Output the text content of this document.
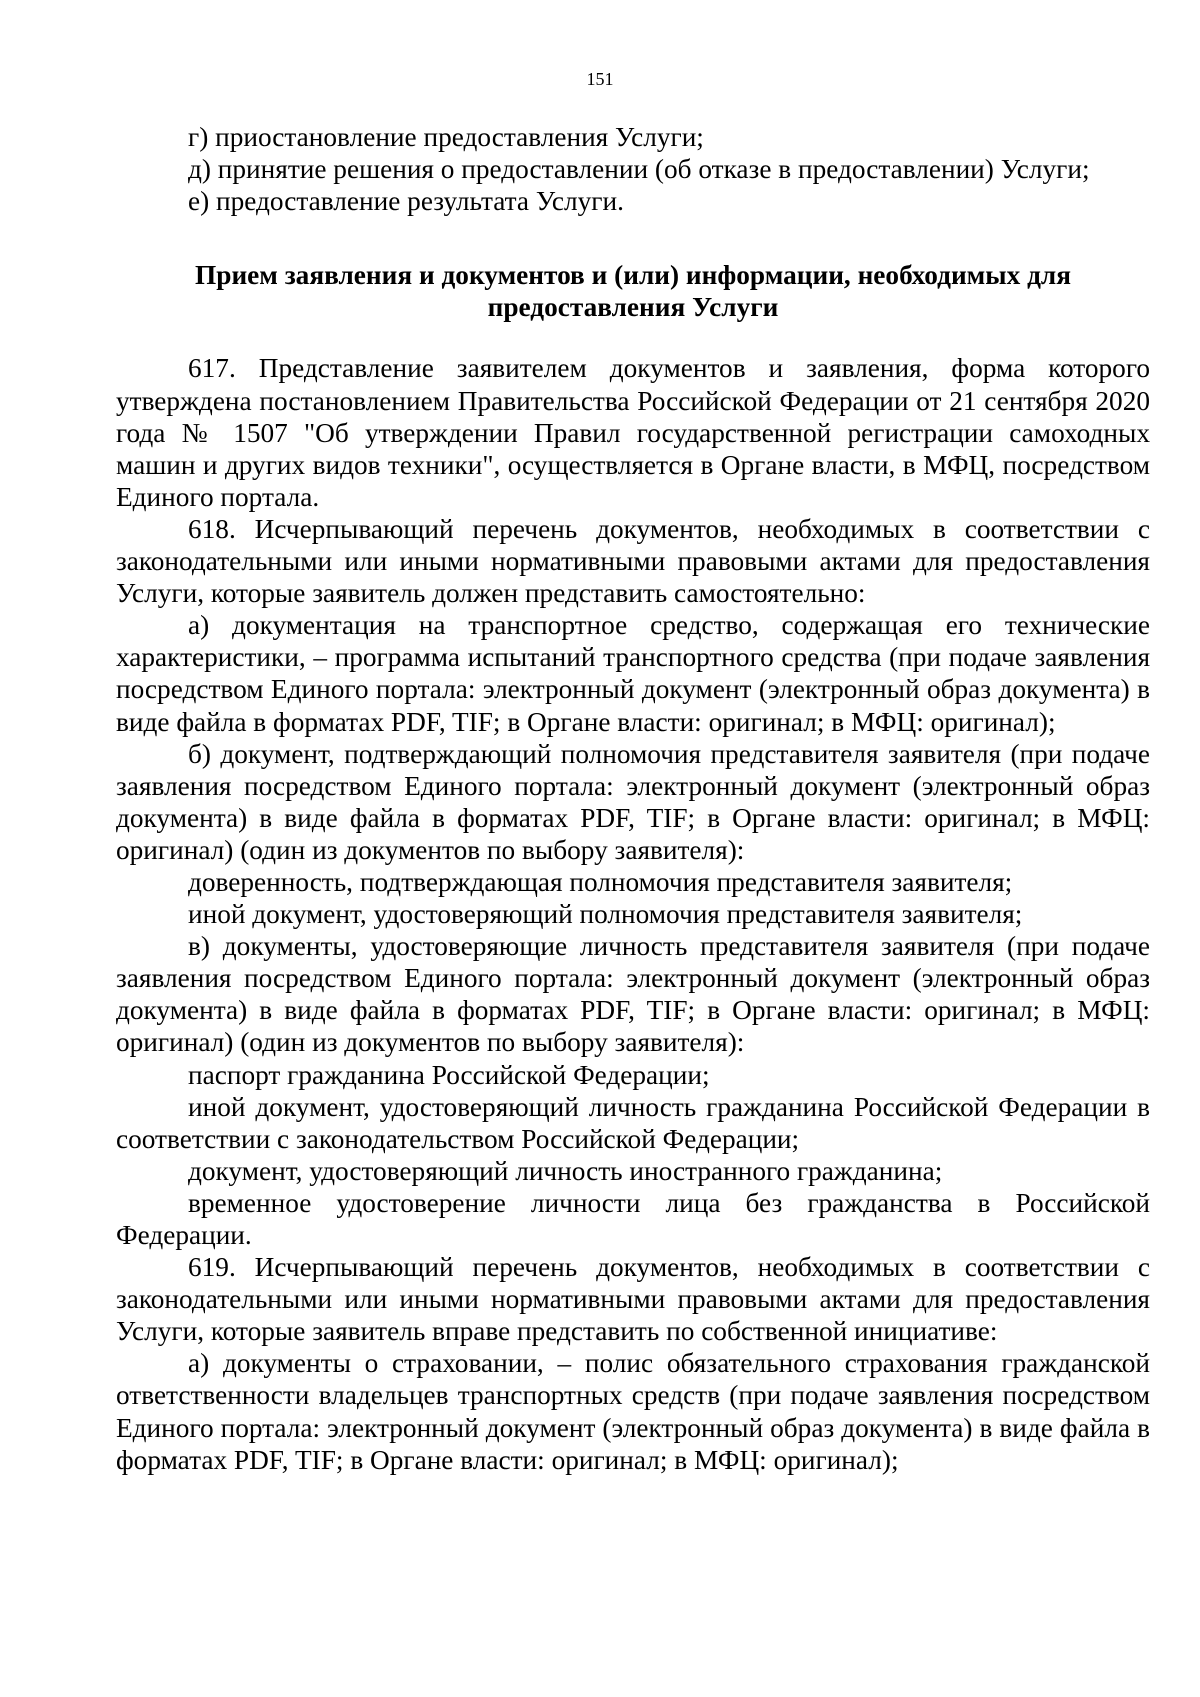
151

г) приостановление предоставления Услуги;

д) принятие решения о предоставлении (об отказе в предоставлении) Услуги;

е) предоставление результата Услуги.

Прием заявления и документов и (или) информации, необходимых для
предоставления Услуги

617. Представление заявителем документов и заявления, форма которого утверждена постановлением Правительства Российской Федерации от 21 сентября 2020 года № 1507 "Об утверждении Правил государственной регистрации самоходных машин и других видов техники", осуществляется в Органе власти, в МФЦ, посредством Единого портала.

618. Исчерпывающий перечень документов, необходимых в соответствии с законодательными или иными нормативными правовыми актами для предоставления Услуги, которые заявитель должен представить самостоятельно:

а) документация на транспортное средство, содержащая его технические характеристики, – программа испытаний транспортного средства (при подаче заявления посредством Единого портала: электронный документ (электронный образ документа) в виде файла в форматах PDF, TIF; в Органе власти: оригинал; в МФЦ: оригинал);

б) документ, подтверждающий полномочия представителя заявителя (при подаче заявления посредством Единого портала: электронный документ (электронный образ документа) в виде файла в форматах PDF, TIF; в Органе власти: оригинал; в МФЦ: оригинал) (один из документов по выбору заявителя):

доверенность, подтверждающая полномочия представителя заявителя;

иной документ, удостоверяющий полномочия представителя заявителя;

в) документы, удостоверяющие личность представителя заявителя (при подаче заявления посредством Единого портала: электронный документ (электронный образ документа) в виде файла в форматах PDF, TIF; в Органе власти: оригинал; в МФЦ: оригинал) (один из документов по выбору заявителя):

паспорт гражданина Российской Федерации;

иной документ, удостоверяющий личность гражданина Российской Федерации в соответствии с законодательством Российской Федерации;

документ, удостоверяющий личность иностранного гражданина;

временное удостоверение личности лица без гражданства в Российской Федерации.

619. Исчерпывающий перечень документов, необходимых в соответствии с законодательными или иными нормативными правовыми актами для предоставления Услуги, которые заявитель вправе представить по собственной инициативе:

а) документы о страховании, – полис обязательного страхования гражданской ответственности владельцев транспортных средств (при подаче заявления посредством Единого портала: электронный документ (электронный образ документа) в виде файла в форматах PDF, TIF; в Органе власти: оригинал; в МФЦ: оригинал);
